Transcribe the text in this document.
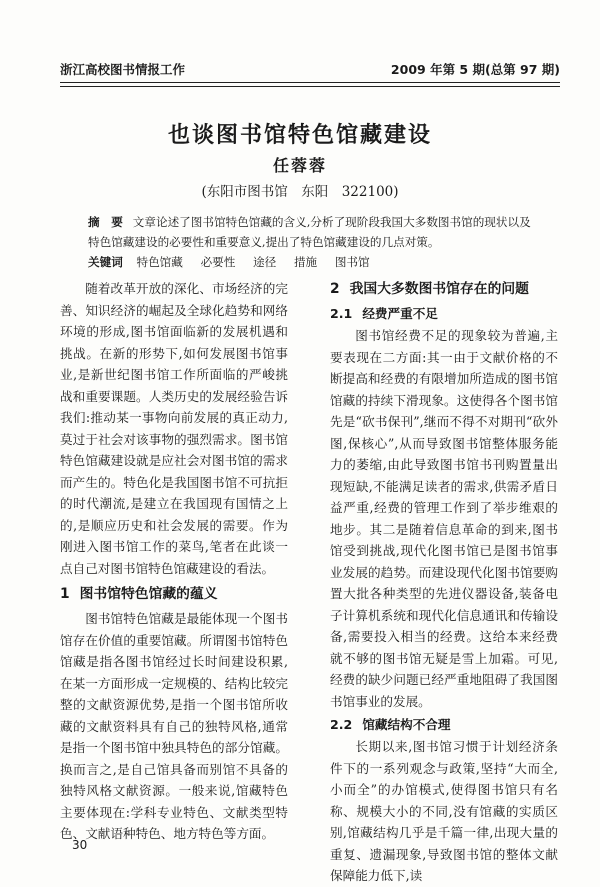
浙江高校图书情报工作	2009 年第 5 期(总第 97 期)
也谈图书馆特色馆藏建设
任蓉蓉
(东阳市图书馆　东阳　322100)
摘　要 文章论述了图书馆特色馆藏的含义,分析了现阶段我国大多数图书馆的现状以及特色馆藏建设的必要性和重要意义,提出了特色馆藏建设的几点对策。
关键词 特色馆藏 必要性 途径 措施 图书馆

随着改革开放的深化、市场经济的完善、知识经济的崛起及全球化趋势和网络环境的形成,图书馆面临新的发展机遇和挑战。在新的形势下,如何发展图书馆事业,是新世纪图书馆工作所面临的严峻挑战和重要课题。人类历史的发展经验告诉我们:推动某一事物向前发展的真正动力,莫过于社会对该事物的强烈需求。图书馆特色馆藏建设就是应社会对图书馆的需求而产生的。特色化是我国图书馆不可抗拒的时代潮流,是建立在我国现有国情之上的,是顺应历史和社会发展的需要。作为刚进入图书馆工作的菜鸟,笔者在此谈一点自己对图书馆特色馆藏建设的看法。

1 图书馆特色馆藏的蕴义

图书馆特色馆藏是最能体现一个图书馆存在价值的重要馆藏。所谓图书馆特色馆藏是指各图书馆经过长时间建设积累,在某一方面形成一定规模的、结构比较完整的文献资源优势,是指一个图书馆所收藏的文献资料具有自己的独特风格,通常是指一个图书馆中独具特色的部分馆藏。换而言之,是自己馆具备而别馆不具备的独特风格文献资源。一般来说,馆藏特色主要体现在:学科专业特色、文献类型特色、文献语种特色、地方特色等方面。

2 我国大多数图书馆存在的问题
2.1 经费严重不足

图书馆经费不足的现象较为普遍,主要表现在二方面:其一由于文献价格的不断提高和经费的有限增加所造成的图书馆馆藏的持续下滑现象。这使得各个图书馆先是“砍书保刊”,继而不得不对期刊“砍外图,保核心”,从而导致图书馆整体服务能力的萎缩,由此导致图书馆书刊购置量出现短缺,不能满足读者的需求,供需矛盾日益严重,经费的管理工作到了举步维艰的地步。其二是随着信息革命的到来,图书馆受到挑战,现代化图书馆已是图书馆事业发展的趋势。而建设现代化图书馆要购置大批各种类型的先进仪器设备,装备电子计算机系统和现代化信息通讯和传输设备,需要投入相当的经费。这给本来经费就不够的图书馆无疑是雪上加霜。可见,经费的缺少问题已经严重地阻碍了我国图书馆事业的发展。

2.2 馆藏结构不合理

长期以来,图书馆习惯于计划经济条件下的一系列观念与政策,坚持“大而全,小而全”的办馆模式,使得图书馆只有名称、规模大小的不同,没有馆藏的实质区别,馆藏结构几乎是千篇一律,出现大量的重复、遗漏现象,导致图书馆的整体文献保障能力低下,读

30
